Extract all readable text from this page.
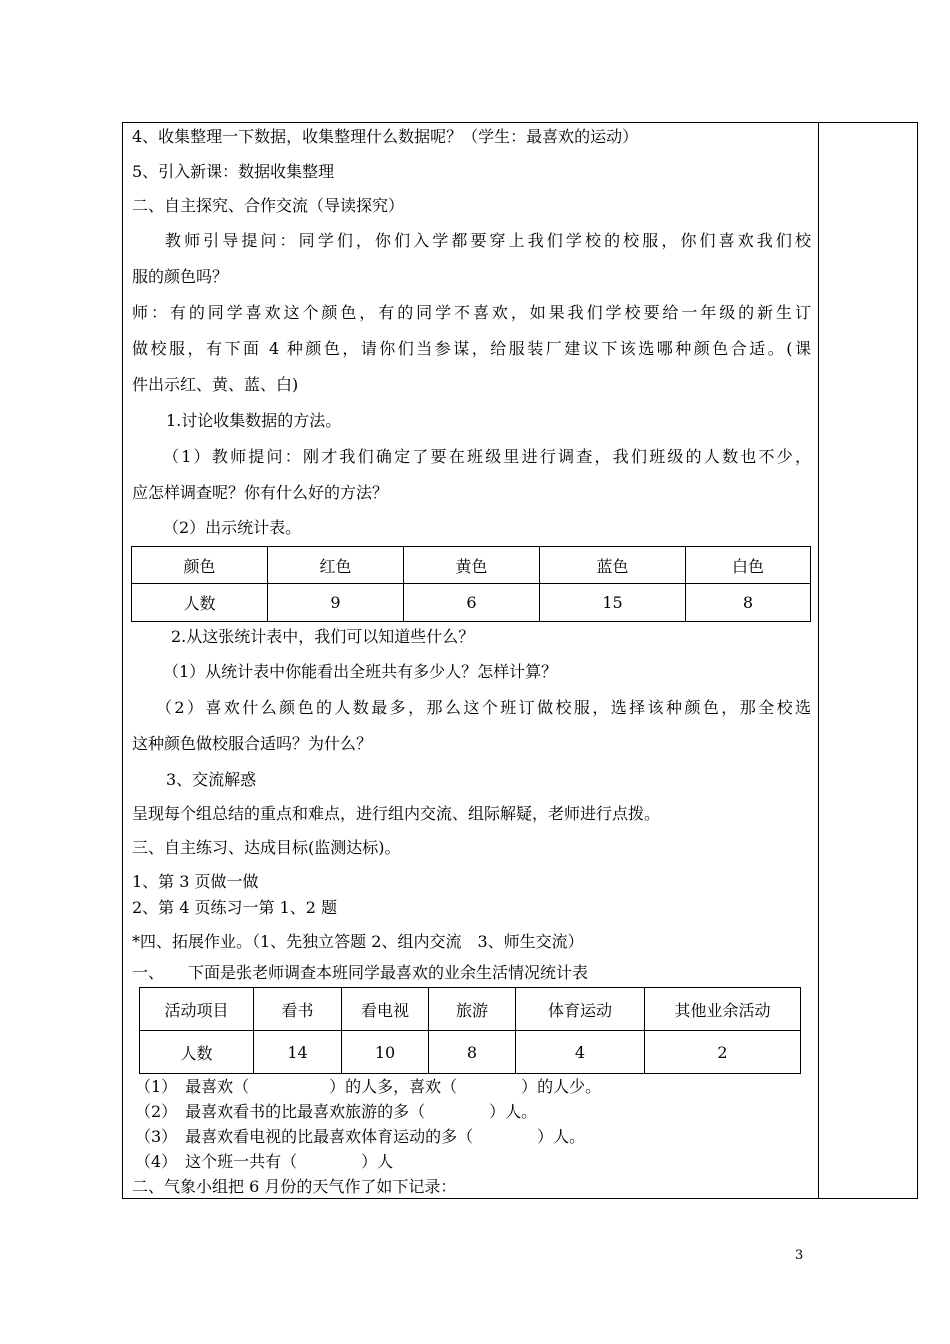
4、收集整理一下数据，收集整理什么数据呢？（学生：最喜欢的运动）
5、引入新课：数据收集整理
二、自主探究、合作交流（导读探究）
教师引导提问：同学们，你们入学都要穿上我们学校的校服，你们喜欢我们校
服的颜色吗？
师：有的同学喜欢这个颜色，有的同学不喜欢，如果我们学校要给一年级的新生订
做校服，有下面 4 种颜色，请你们当参谋，给服装厂建议下该选哪种颜色合适。(课
件出示红、黄、蓝、白)
1.讨论收集数据的方法。
（1）教师提问：刚才我们确定了要在班级里进行调查，我们班级的人数也不少，
应怎样调查呢？你有什么好的方法？
（2）出示统计表。
颜色	红色	黄色	蓝色	白色
人数	9	6	15	8
2.从这张统计表中，我们可以知道些什么？
（1）从统计表中你能看出全班共有多少人？怎样计算？
（2）喜欢什么颜色的人数最多，那么这个班订做校服，选择该种颜色，那全校选
这种颜色做校服合适吗？为什么？
3、交流解惑
呈现每个组总结的重点和难点，进行组内交流、组际解疑，老师进行点拨。
三、自主练习、达成目标(监测达标)。
1、第 3 页做一做
2、第 4 页练习一第 1、2 题
*四、拓展作业。（1、先独立答题 2、组内交流　3、师生交流）
一、　　下面是张老师调查本班同学最喜欢的业余生活情况统计表
活动项目	看书	看电视	旅游	体育运动	其他业余活动
人数	14	10	8	4	2
（1）　最喜欢（　　　　　）的人多，喜欢（　　　　）的人少。
（2）　最喜欢看书的比最喜欢旅游的多（　　　　）人。
（3）　最喜欢看电视的比最喜欢体育运动的多（　　　　）人。
（4）　这个班一共有（　　　　）人
二、气象小组把 6 月份的天气作了如下记录：
3
